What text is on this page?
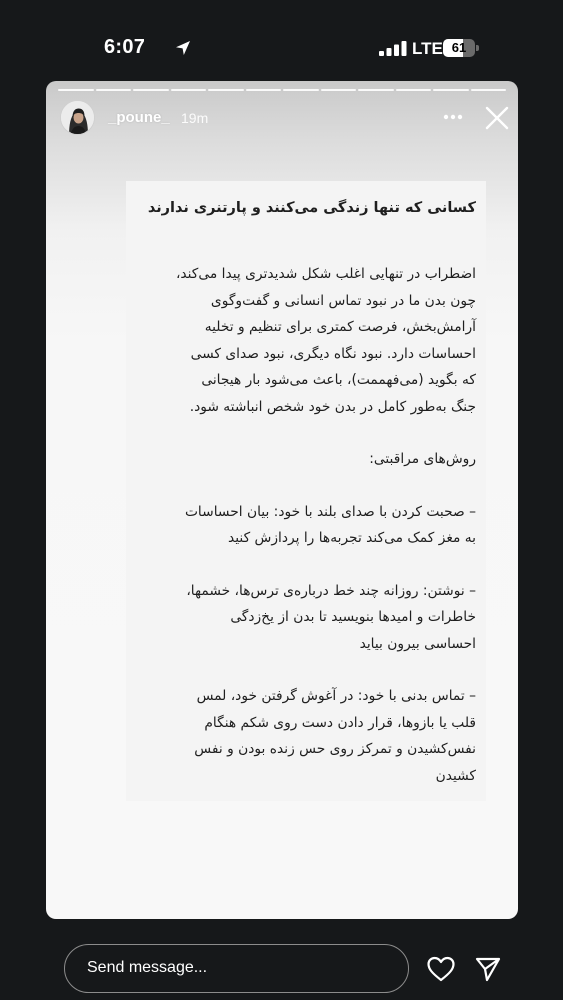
6:07	LTE 61
_poune_ 19m
کسانی که تنها زندگی می‌کنند و پارتنری ندارند
اضطراب در تنهایی اغلب شکل شدیدتری پیدا می‌کند،
چون بدن ما در نبود تماس انسانی و گفت‌وگوی
آرامش‌بخش، فرصت کمتری برای تنظیم و تخلیه
احساسات دارد. نبود نگاه دیگری، نبود صدای کسی
که بگوید (می‌فهممت)، باعث می‌شود بار هیجانی
جنگ به‌طور کامل در بدن خود شخص انباشته شود.
روش‌های مراقبتی:
– صحبت کردن با صدای بلند با خود: بیان احساسات
به مغز کمک می‌کند تجربه‌ها را پردازش کنید
– نوشتن: روزانه چند خط درباره‌ی ترس‌ها، خشمها،
خاطرات و امیدها بنویسید تا بدن از یخ‌زدگی
احساسی بیرون بیاید
– تماس بدنی با خود: در آغوش گرفتن خود، لمس
قلب یا بازوها، قرار دادن دست روی شکم هنگام
نفس‌کشیدن و تمرکز روی حس زنده بودن و نفس
کشیدن
Send message...
